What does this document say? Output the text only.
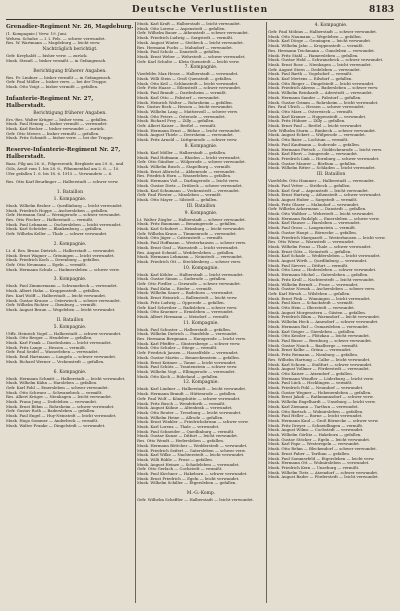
Deutsche Verlustlisten	8183
Grenadier-Regiment Nr. 26, Magdeburg.
(1. Kompagnie.) Verw. 19. Juni.
Wehrm. Schulze — I. I. Fels. — schwer verwundet.
Res. W. Wartmann — Magdeburg — leicht verw.
Nachträglich berichtigt.
Gefr. Kreyhaldt — bisher verw. — zurück.
Musk. Strauß — bisher vermißt — in Gefangensch.
Berichtigung früherer Angaben.
Res. Fr. Lindner — bisher vermißt — in Gefangensch.
Gefr. Paul Müller — bisher verw. — bei der Truppe.
Musk. Otto Voigt — bisher vermißt — gefallen.
Infanterie-Regiment Nr. 27, Halberstadt.
Berichtigung früherer Angaben.
Ers.-Res. Walter Krüger — bisher verm. — gefallen.
Musk. Paul Hennig — bisher vermißt — verwundet.
Musk. Karl Becker — bisher verwundet — zurück.
Gefr. Otto Mewes — bisher vermißt — gefallen.
Musk. Fritz Schmidt — bisher verw. — bei der Truppe.
Reserve-Infanterie-Regiment Nr. 27, Halberstadt.
Baza, Pilg am 26. 6., Pilgersreuth, Bergkiste am 29. 6., und
Göls, Aeuß vom 1. bis 28. 6., Pflaumenthal am 2. 6. — 10.
Ufer gefallen 1. 6. bis 18. 6. 1915 — Verwundete — 6.
Res. Otto Karl Beurlinger — Halberstadt — schwer verw.
1. Bataillon
1. Kompagnie.
Musk. Wilhelm Becker — Quedlinburg — leicht verwundet.
Musk. Friedrich Hoppe — Aschersleben — gefallen.
Gefr. Hermann Graf — Wernigerode — schwer verwundet.
Res. Otto Fischer — Halberstadt — vermißt.
Musk. Paul Lehmann — Oschersleben — leicht verwundet.
Musk. Karl Schröder — Blankenburg — gefallen.
Gefr. Wilhelm Keller — Thale — schwer verwundet.
2. Kompagnie.
Lt. d. Res. Bruno Dietrich — Halberstadt — verwundet.
Musk. Ernst Wagner — Gröningen — leicht verwundet.
Musk. Friedrich Koch — Derenburg — gefallen.
Gefr. Otto Neumann — Egeln — vermißt.
Musk. Hermann Schulz — Hadmersleben — schwer verw.
3. Kompagnie.
Musk. Paul Zimmermann — Schwanebeck — verwundet.
Musk. Albert Hahn — Kroppenstedt — gefallen.
Res. Karl Wolff — Halberstadt — leicht verwundet.
Musk. Gustav Krause — Osterwieck — schwer verwundet.
Gefr. Wilhelm Richter — Ilsenburg — vermißt.
Musk. August Braun — Wegeleben — leicht verwundet.
II. Bataillon
5. Kompagnie.
Utffz. Heinrich Vogel — Halberstadt — schwer verwundet.
Musk. Otto Berger — Heudeber — gefallen.
Musk. Karl Frank — Dardesheim — leicht verwundet.
Musk. Fritz Lange — Hessen — vermißt.
Gefr. Paul Seidel — Wasserleben — verwundet.
Musk. Emil Hartmann — Langeln — schwer verwundet.
Musk. Richard Werner — Veckenstedt — gefallen.
6. Kompagnie.
Musk. Hermann Schmitt — Halberstadt — leicht verwundet.
Musk. Wilhelm Kühn — Harsleben — gefallen.
Gefr. Karl Pohl — Emersleben — schwer verwundet.
Musk. Otto Schwarz — Schwanebeck — vermißt.
Res. Albert Krüger — Nienhagen — leicht verwundet.
Musk. Franz Jung — Dedeleben — verwundet.
Musk. Ernst Böhm — Rohrsheim — schwer verwundet.
Gefr. Gustav Roth — Badersleben — gefallen.
Musk. Paul Engel — Huy-Neinstedt — leicht verwundet.
Musk. Hugo Sommer — Anderbeck — vermißt.
Musk. Walter Franke — Dingelstedt — verwundet.
Musk. Karl Kraft — Halberstadt — leicht verwundet.
Musk. Otto Lorenz — Aspenstedt — gefallen.
Gefr. Wilhelm Bauer — Athenstedt — schwer verwundet.
Musk. Friedrich Ludwig — Sargstedt — vermißt.
Musk. August Winter — Ströbeck — leicht verwundet.
Res. Hermann Fuchs — Mahndorf — verwundet.
Musk. Paul Scholz — Danstedt — gefallen.
Musk. Ernst Weber — Wehrstedt — schwer verwundet.
Gefr. Karl Schulte — Klein Quenstedt — leicht verw.
7. Kompagnie.
Vizefeldw. Max Hesse — Halberstadt — verwundet.
Musk. Willi Stein — Groß Quenstedt — gefallen.
Musk. Otto Keil — Schlanstedt — leicht verwundet.
Gefr. Fritz Haase — Eilenstedt — schwer verwundet.
Musk. Paul Brandt — Dardesheim — vermißt.
Musk. Karl Otto — Pabstorf — verwundet.
Musk. Heinrich Walter — Rohrsheim — gefallen.
Res. Gustav Beck — Hessen — leicht verwundet.
Musk. Wilhelm Lang — Mattierzoll — schwer verw.
Musk. Otto Peters — Osterode — verwundet.
Musk. Richard Frey — Zilly — gefallen.
Gefr. Albert Kaiser — Berßel — vermißt.
Musk. Hermann Ernst — Bühne — leicht verwundet.
Musk. August Thiele — Deersheim — verwundet.
Musk. Fritz Arnold — Lüttgenrode — schwer verw.
8. Kompagnie.
Musk. Karl Möller — Halberstadt — gefallen.
Musk. Paul Hofmann — Rhoden — leicht verwundet.
Gefr. Otto Günther — Wülperode — schwer verwundet.
Musk. Wilhelm Busch — Stapelburg — vermißt.
Musk. Ernst Albrecht — Abbenrode — verwundet.
Res. Friedrich Horn — Wasserleben — gefallen.
Musk. Hermann Voß — Darlingerode — leicht verw.
Musk. Gustav Dietz — Drübeck — schwer verwundet.
Musk. Karl Schumann — Veckenstedt — verwundet.
Gefr. Paul Förster — Minsleben — vermißt.
Musk. Otto Mayer — Silstedt — gefallen.
III. Bataillon
9. Kompagnie.
Lt. Walter Ziegler — Halberstadt — schwer verwundet.
Musk. Fritz Baumann — Benzingerode — gefallen.
Musk. Karl Schubert — Heimburg — leicht verwundet.
Gefr. Wilhelm Kraus — Timmenrode — verwundet.
Musk. Otto Jäger — Cattenstedt — vermißt.
Musk. Paul Hoffmann — Westerhausen — schwer verw.
Musk. Ernst Graf — Warnstedt — leicht verwundet.
Res. August Schmid — Weddersleben — gefallen.
Musk. Hermann Lehmann — Neinstedt — verwundet.
Musk. Friedrich Ott — Stecklenberg — schwer verw.
10. Kompagnie.
Musk. Karl Köhler — Halberstadt — leicht verwundet.
Musk. Gustav Simon — Suderode — gefallen.
Gefr. Otto Fiedler — Gernrode — schwer verwundet.
Musk. Paul Kuhn — Rieder — vermißt.
Musk. Wilhelm Sauer — Badeborn — verwundet.
Musk. Ernst Heinrich — Ballenstedt — leicht verw.
Musk. Fritz Ludwig — Opperode — gefallen.
Gefr. Karl Schreiber — Radisleben — schwer verw.
Musk. Otto Kraemer — Ermsleben — verwundet.
Musk. Albert Hermann — Meisdorf — vermißt.
11. Kompagnie.
Musk. Paul Schuster — Halberstadt — gefallen.
Musk. Wilhelm Dietrich — Pansfelde — verwundet.
Res. Hermann Bergmann — Harzgerode — leicht verw.
Musk. Karl Pfeiffer — Güntersberge — schwer verw.
Musk. Otto Schuler — Stiege — vermißt.
Gefr. Friedrich Jansen — Hasselfelde — verwundet.
Musk. Gustav Martin — Benneckenstein — gefallen.
Musk. Ernst Krämer — Tanne — leicht verwundet.
Musk. Paul Schütz — Trautenstein — schwer verw.
Musk. Wilhelm Vogt — Elbingerode — verwundet.
Musk. Otto Koch — Rübeland — gefallen.
12. Kompagnie.
Musk. Karl Lindner — Halberstadt — leicht verwundet.
Musk. Hermann Brandt — Hüttenrode — gefallen.
Gefr. Paul Wolf — Königshütte — schwer verwundet.
Musk. Fritz Busch — Wendefurth — vermißt.
Musk. August Kühne — Altenbrak — verwundet.
Musk. Otto Reuter — Treseburg — leicht verwundet.
Musk. Wilhelm Heine — Allrode — gefallen.
Musk. Ernst Winkler — Friedrichsbrunn — schwer verw.
Musk. Karl Lorenz — Thale — verwundet.
Musk. Paul Schneider — Quedlinburg — vermißt.
Musk. Gustav Kunze — Ditfurt — leicht verwundet.
Res. Otto Wendt — Hedersleben — gefallen.
Musk. Hermann Böttcher — Wedderstedt — verwundet.
Musk. Friedrich Seifert — Gatersleben — schwer verw.
Musk. Karl Wilke — Nachterstedt — leicht verwundet.
Musk. Willi Rühle — Frose — gefallen.
Musk. August Heinze — Schadeleben — verwundet.
Gefr. Otto Gerlach — Cochstedt — vermißt.
Musk. Paul Kirchner — Hakeborn — schwer verwundet.
Musk. Ernst Friedrich — Egeln — leicht verwundet.
Musk. Wilhelm Schiller — Etgersleben — gefallen.
M.-G.-Komp.
Gefr. Wilhelm Scheffler — Halberstadt — leicht verwundet.
4. Kompagnie.
Gefr. Paul Möbius — Halberstadt — schwer verwundet.
Musk. Otto Naumann — Wegeleben — gefallen.
Musk. Karl Dörge — Groningen — leicht verwundet.
Musk. Wilhelm Jahn — Kroppenstedt — vermißt.
Res. Hermann Teichmann — Gunsleben — verwundet.
Musk. Fritz Stahl — Hamersleben — gefallen.
Musk. Gustav Held — Schwanebeck — schwer verwundet.
Musk. Ernst Rose — Nienhagen — leicht verwundet.
Gefr. August Stern — Dedeleben — verwundet.
Musk. Paul Barth — Vogelsdorf — vermißt.
Musk. Karl Mertens — Eilsdorf — gefallen.
Musk. Otto Rieger — Dingelstedt — leicht verwundet.
Musk. Friedrich Ahrens — Badersleben — schwer verw.
Musk. Wilhelm Reinhardt — Aderstedt — verwundet.
Musk. Hermann Sander — Pabstorf — gefallen.
Musk. Gustav Grimm — Rohrsheim — leicht verwundet.
Res. Paul Ulrich — Hessen — schwer verwundet.
Musk. Otto Marx — Osterwieck — vermißt.
Musk. Karl Kramer — Hoppenstedt — verwundet.
Musk. Fritz Hübner — Zilly — gefallen.
Musk. Ernst Paul — Berßel — leicht verwundet.
Gefr. Wilhelm Sturm — Rimbeck — schwer verwundet.
Musk. August Eckert — Wülperode — verwundet.
Musk. Otto Baier — Lochtum — vermißt.
Musk. Paul Kaufmann — Suderode — gefallen.
Musk. Hermann Pietsch — Göddeckenrode — leicht verw.
Musk. Karl Ebert — Isingerode — verwundet.
Musk. Friedrich Link — Hornburg — schwer verwundet.
Musk. Gustav Maurer — Börßum — gefallen.
Musk. Wilhelm Ritter — Schladen — leicht verwundet.
III. Bataillon
Vizefeldw. Otto Hammer — Halberstadt — verwundet.
Musk. Paul Vetter — Ströbeck — gefallen.
Musk. Karl Graf — Aspenstedt — leicht verwundet.
Musk. Ernst Hartwig — Athenstedt — schwer verwundet.
Musk. August Huber — Sargstedt — vermißt.
Musk. Fritz Glaser — Mahndorf — verwundet.
Gefr. Wilhelm Ackermann — Danstedt — gefallen.
Musk. Otto Walther — Wehrstedt — leicht verwundet.
Musk. Hermann Rudolph — Emersleben — schwer verw.
Musk. Karl Hauser — Harsleben — verwundet.
Musk. Paul Gross — Langenstein — vermißt.
Musk. Gustav Haupt — Börnecke — gefallen.
Musk. Friedrich Marquardt — Westerhausen — leicht verw.
Res. Otto Wiese — Warnstedt — verwundet.
Musk. Wilhelm Franz — Thale — schwer verwundet.
Musk. Ernst Götz — Neinstedt — gefallen.
Musk. Karl Schade — Weddersleben — leicht verwundet.
Musk. August Wirth — Quedlinburg — verwundet.
Musk. Paul Sievers — Ditfurt — vermißt.
Musk. Otto Lenz — Hedersleben — schwer verwundet.
Musk. Hermann Michel — Gatersleben — gefallen.
Musk. Fritz Kroll — Nachterstedt — leicht verwundet.
Musk. Wilhelm Berndt — Frose — verwundet.
Musk. Gustav Nowak — Aschersleben — schwer verw.
Gefr. Karl Hirsch — Wilsleben — gefallen.
Musk. Ernst Fink — Winningen — leicht verwundet.
Musk. Paul Kurz — Schackstedt — vermißt.
Musk. Otto Hein — Ilberstedt — verwundet.
Musk. August Morgenstern — Güsten — gefallen.
Musk. Friedrich Blum — Warmsdorf — leicht verwundet.
Musk. Wilhelm Heck — Amesdorf — schwer verwundet.
Musk. Hermann Ruf — Osmarsleben — verwundet.
Musk. Karl Geiger — Giersleben — gefallen.
Musk. Otto Kessler — Plötzkau — leicht verwundet.
Musk. Paul Busse — Bernburg — schwer verwundet.
Musk. Gustav Noack — Baalberge — vermißt.
Musk. Ernst Kolbe — Gröna — verwundet.
Musk. Fritz Reimann — Nienburg — gefallen.
Res. Wilhelm Hartung — Calbe — leicht verwundet.
Musk. Karl Schoen — Staßfurt — schwer verwundet.
Musk. August Vollmer — Förderstedt — verwundet.
Musk. Otto Kaiser — Atzendorf — gefallen.
Musk. Hermann Wendler — Löderburg — leicht verw.
Musk. Paul Lück — Hecklingen — vermißt.
Musk. Friedrich Pohl — Neundorf — verwundet.
Musk. Gustav Wegner — Hohenerxleben — gefallen.
Musk. Ernst Jakob — Rathmannsdorf — schwer verw.
Musk. Wilhelm Engelhardt — Unseburg — leicht verw.
Musk. Karl Ziemann — Tarthun — verwundet.
Musk. Otto Bartsch — Wolmirsleben — gefallen.
Musk. Paul Heller — Borne — leicht verwundet.
Musk. Hermann Kaul — Groß Börnecke — schwer verw.
Musk. Fritz Dreyer — Schneidlingen — vermißt.
Musk. August Wilms — Cochstedt — verwundet.
Musk. Wilhelm Görlitz — Hakeborn — gefallen.
Musk. Gustav Stöcker — Egeln — leicht verwundet.
Musk. Karl Pape — Westeregeln — verwundet.
Musk. Otto Rehm — Bleckendorf — schwer verwundet.
Musk. Ernst Faber — Tarthun — gefallen.
Musk. Paul Sommerfeld — Etgersleben — leicht verw.
Musk. Hermann Ott — Wolmirsleben — verwundet.
Musk. Friedrich Kern — Unseburg — vermißt.
Musk. Wilhelm Tietz — Atzendorf — schwer verwundet.
Musk. August Bader — Förderstedt — leicht verwundet.
